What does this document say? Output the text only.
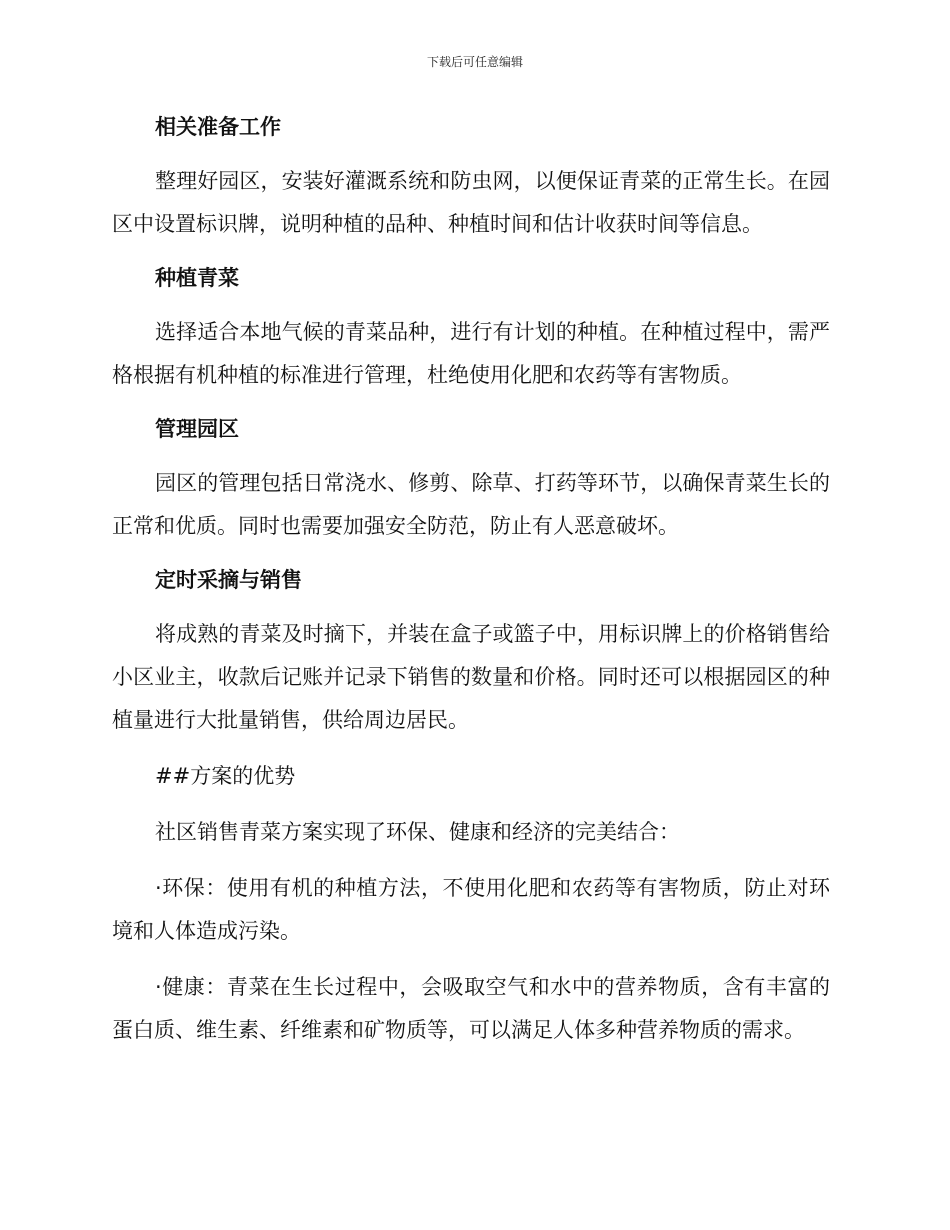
下载后可任意编辑
相关准备工作

整理好园区，安装好灌溉系统和防虫网，以便保证青菜的正常生长。在园区中设置标识牌，说明种植的品种、种植时间和估计收获时间等信息。

种植青菜

选择适合本地气候的青菜品种，进行有计划的种植。在种植过程中，需严格根据有机种植的标准进行管理，杜绝使用化肥和农药等有害物质。

管理园区

园区的管理包括日常浇水、修剪、除草、打药等环节，以确保青菜生长的正常和优质。同时也需要加强安全防范，防止有人恶意破坏。

定时采摘与销售

将成熟的青菜及时摘下，并装在盒子或篮子中，用标识牌上的价格销售给小区业主，收款后记账并记录下销售的数量和价格。同时还可以根据园区的种植量进行大批量销售，供给周边居民。

##方案的优势

社区销售青菜方案实现了环保、健康和经济的完美结合：

·环保：使用有机的种植方法，不使用化肥和农药等有害物质，防止对环境和人体造成污染。

·健康：青菜在生长过程中，会吸取空气和水中的营养物质，含有丰富的蛋白质、维生素、纤维素和矿物质等，可以满足人体多种营养物质的需求。
